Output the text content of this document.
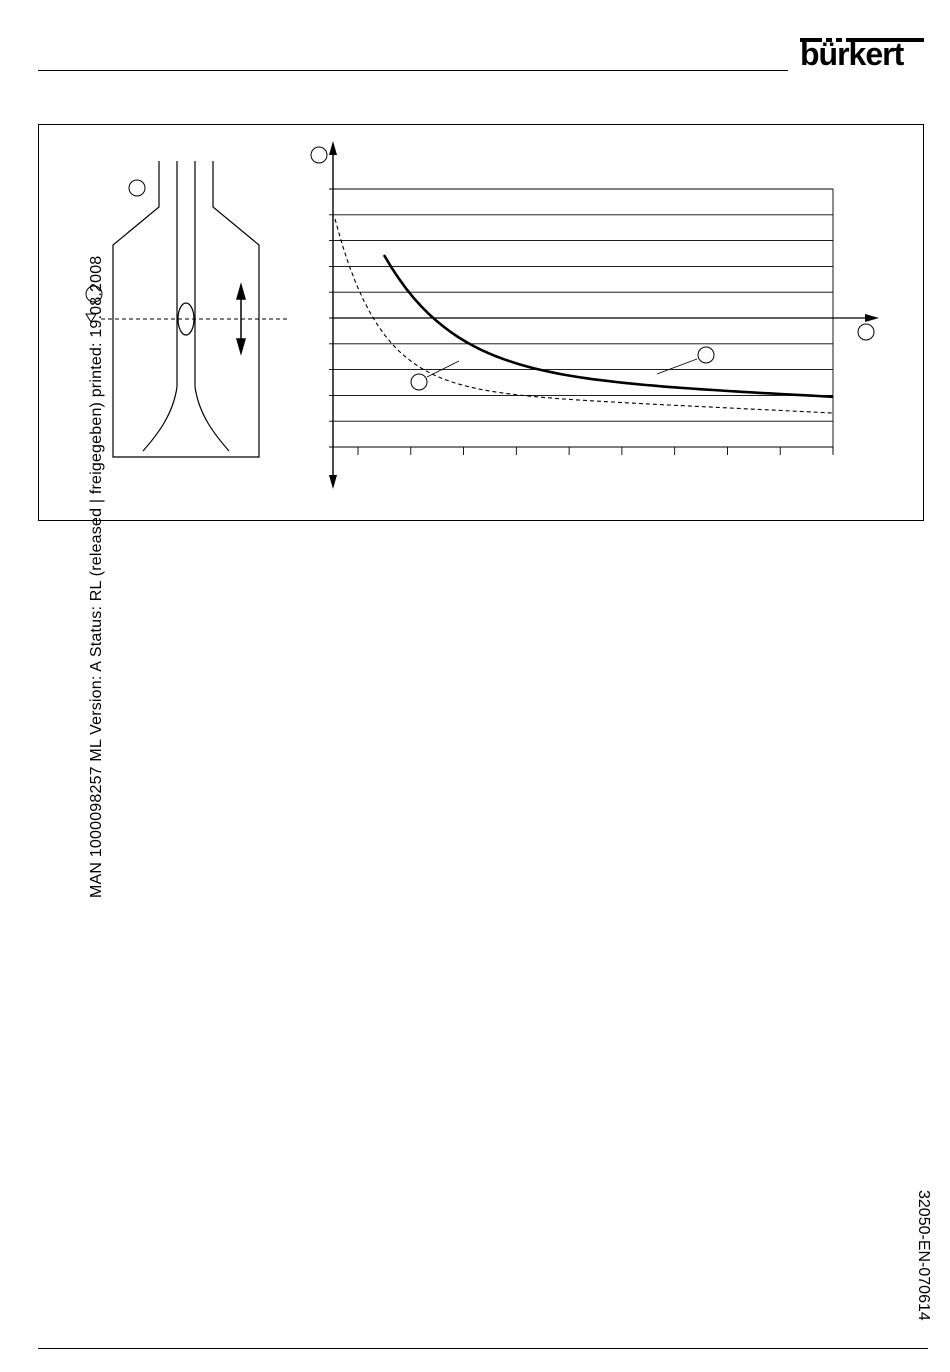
bürkert
MAN 1000098257 ML Version: A Status: RL (released | freigegeben) printed: 19.08.2008
32050-EN-070614
